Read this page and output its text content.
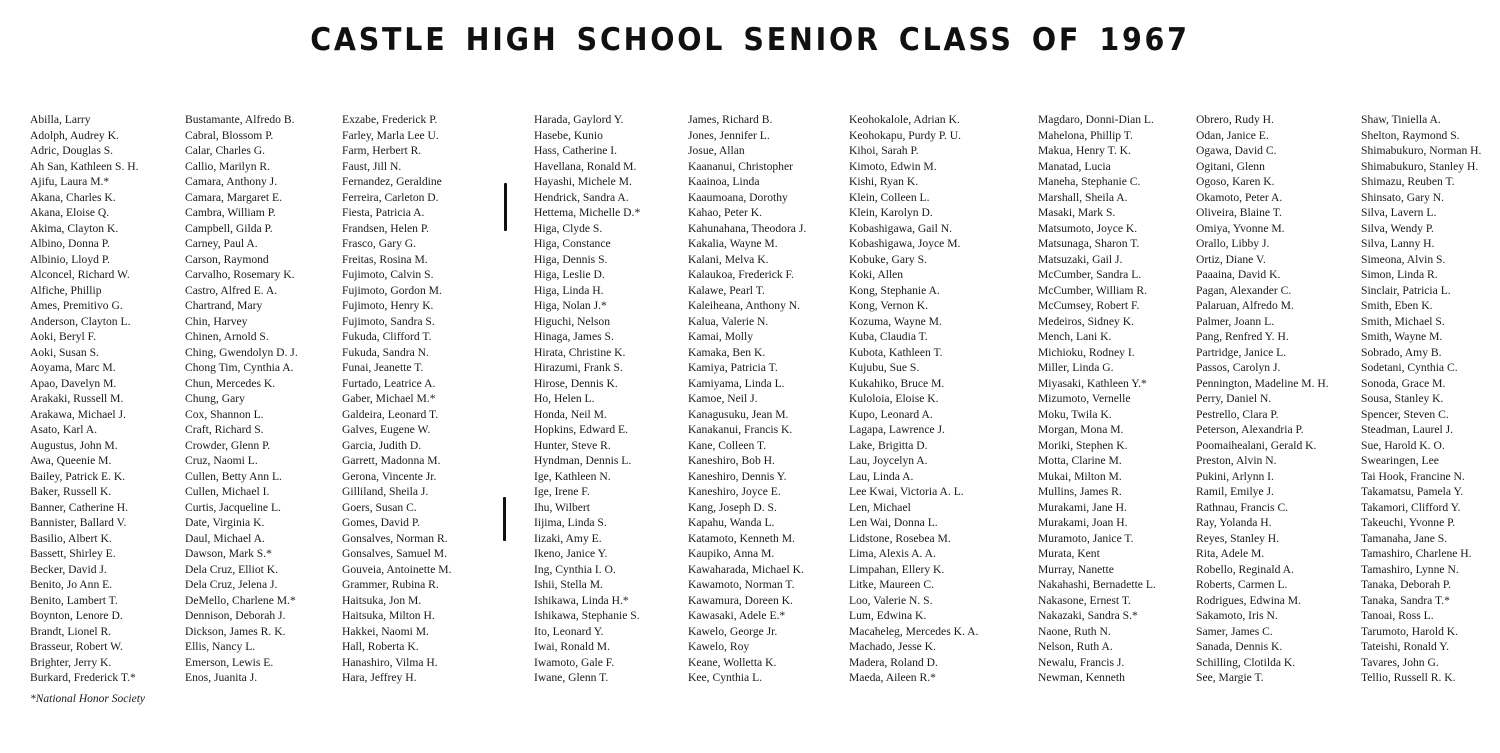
CASTLE HIGH SCHOOL SENIOR CLASS OF 1967
Abilla, Larry
Adolph, Audrey K.
Adric, Douglas S.
Ah San, Kathleen S. H.
Ajifu, Laura M.*
Akana, Charles K.
Akana, Eloise Q.
Akima, Clayton K.
Albino, Donna P.
Albinio, Lloyd P.
Alconcel, Richard W.
Alfiche, Phillip
Ames, Premitivo G.
Anderson, Clayton L.
Aoki, Beryl F.
Aoki, Susan S.
Aoyama, Marc M.
Apao, Davelyn M.
Arakaki, Russell M.
Arakawa, Michael J.
Asato, Karl A.
Augustus, John M.
Awa, Queenie M.
Bailey, Patrick E. K.
Baker, Russell K.
Banner, Catherine H.
Bannister, Ballard V.
Basilio, Albert K.
Bassett, Shirley E.
Becker, David J.
Benito, Jo Ann E.
Benito, Lambert T.
Boynton, Lenore D.
Brandt, Lionel R.
Brasseur, Robert W.
Brighter, Jerry K.
Burkard, Frederick T.*
Bustamante, Alfredo B.
Cabral, Blossom P.
Calar, Charles G.
Callio, Marilyn R.
Camara, Anthony J.
Camara, Margaret E.
Cambra, William P.
Campbell, Gilda P.
Carney, Paul A.
Carson, Raymond
Carvalho, Rosemary K.
Castro, Alfred E. A.
Chartrand, Mary
Chin, Harvey
Chinen, Arnold S.
Ching, Gwendolyn D. J.
Chong Tim, Cynthia A.
Chun, Mercedes K.
Chung, Gary
Cox, Shannon L.
Craft, Richard S.
Crowder, Glenn P.
Cruz, Naomi L.
Cullen, Betty Ann L.
Cullen, Michael I.
Curtis, Jacqueline L.
Date, Virginia K.
Daul, Michael A.
Dawson, Mark S.*
Dela Cruz, Elliot K.
Dela Cruz, Jelena J.
DeMello, Charlene M.*
Dennison, Deborah J.
Dickson, James R. K.
Ellis, Nancy L.
Emerson, Lewis E.
Enos, Juanita J.
Exzabe, Frederick P.
Farley, Marla Lee U.
Farm, Herbert R.
Faust, Jill N.
Fernandez, Geraldine
Ferreira, Carleton D.
Fiesta, Patricia A.
Frandsen, Helen P.
Frasco, Gary G.
Freitas, Rosina M.
Fujimoto, Calvin S.
Fujimoto, Gordon M.
Fujimoto, Henry K.
Fujimoto, Sandra S.
Fukuda, Clifford T.
Fukuda, Sandra N.
Funai, Jeanette T.
Furtado, Leatrice A.
Gaber, Michael M.*
Galdeira, Leonard T.
Galves, Eugene W.
Garcia, Judith D.
Garrett, Madonna M.
Gerona, Vincente Jr.
Gilliland, Sheila J.
Goers, Susan C.
Gomes, David P.
Gonsalves, Norman R.
Gonsalves, Samuel M.
Gouveia, Antoinette M.
Grammer, Rubina R.
Haitsuka, Jon M.
Haitsuka, Milton H.
Hakkei, Naomi M.
Hall, Roberta K.
Hanashiro, Vilma H.
Hara, Jeffrey H.
Harada, Gaylord Y.
Hasebe, Kunio
Hass, Catherine I.
Havellana, Ronald M.
Hayashi, Michele M.
Hendrick, Sandra A.
Hettema, Michelle D.*
Higa, Clyde S.
Higa, Constance
Higa, Dennis S.
Higa, Leslie D.
Higa, Linda H.
Higa, Nolan J.*
Higuchi, Nelson
Hinaga, James S.
Hirata, Christine K.
Hirazumi, Frank S.
Hirose, Dennis K.
Ho, Helen L.
Honda, Neil M.
Hopkins, Edward E.
Hunter, Steve R.
Hyndman, Dennis L.
Ige, Kathleen N.
Ige, Irene F.
Ihu, Wilbert
Iijima, Linda S.
Iizaki, Amy E.
Ikeno, Janice Y.
Ing, Cynthia I. O.
Ishii, Stella M.
Ishikawa, Linda H.*
Ishikawa, Stephanie S.
Ito, Leonard Y.
Iwai, Ronald M.
Iwamoto, Gale F.
Iwane, Glenn T.
James, Richard B.
Jones, Jennifer L.
Josue, Allan
Kaananui, Christopher
Kaainoa, Linda
Kaaumoana, Dorothy
Kahao, Peter K.
Kahunahana, Theodora J.
Kakalia, Wayne M.
Kalani, Melva K.
Kalaukoa, Frederick F.
Kalawe, Pearl T.
Kaleiheana, Anthony N.
Kalua, Valerie N.
Kamai, Molly
Kamaka, Ben K.
Kamiya, Patricia T.
Kamiyama, Linda L.
Kamoe, Neil J.
Kanagusuku, Jean M.
Kanakanui, Francis K.
Kane, Colleen T.
Kaneshiro, Bob H.
Kaneshiro, Dennis Y.
Kaneshiro, Joyce E.
Kang, Joseph D. S.
Kapahu, Wanda L.
Katamoto, Kenneth M.
Kaupiko, Anna M.
Kawaharada, Michael K.
Kawamoto, Norman T.
Kawamura, Doreen K.
Kawasaki, Adele E.*
Kawelo, George Jr.
Kawelo, Roy
Keane, Wolletta K.
Kee, Cynthia L.
Keohokalole, Adrian K.
Keohokapu, Purdy P. U.
Kihoi, Sarah P.
Kimoto, Edwin M.
Kishi, Ryan K.
Klein, Colleen L.
Klein, Karolyn D.
Kobashigawa, Gail N.
Kobashigawa, Joyce M.
Kobuke, Gary S.
Koki, Allen
Kong, Stephanie A.
Kong, Vernon K.
Kozuma, Wayne M.
Kuba, Claudia T.
Kubota, Kathleen T.
Kujubu, Sue S.
Kukahiko, Bruce M.
Kuloloia, Eloise K.
Kupo, Leonard A.
Lagapa, Lawrence J.
Lake, Brigitta D.
Lau, Joycelyn A.
Lau, Linda A.
Lee Kwai, Victoria A. L.
Len, Michael
Len Wai, Donna L.
Lidstone, Rosebea M.
Lima, Alexis A. A.
Limpahan, Ellery K.
Litke, Maureen C.
Loo, Valerie N. S.
Lum, Edwina K.
Macaheleg, Mercedes K. A.
Machado, Jesse K.
Madera, Roland D.
Maeda, Aileen R.*
Magdaro, Donni-Dian L.
Mahelona, Phillip T.
Makua, Henry T. K.
Manatad, Lucia
Maneha, Stephanie C.
Marshall, Sheila A.
Masaki, Mark S.
Matsumoto, Joyce K.
Matsunaga, Sharon T.
Matsuzaki, Gail J.
McCumber, Sandra L.
McCumber, William R.
McCumsey, Robert F.
Medeiros, Sidney K.
Mench, Lani K.
Michioku, Rodney I.
Miller, Linda G.
Miyasaki, Kathleen Y.*
Mizumoto, Vernelle
Moku, Twila K.
Morgan, Mona M.
Moriki, Stephen K.
Motta, Clarine M.
Mukai, Milton M.
Mullins, James R.
Murakami, Jane H.
Murakami, Joan H.
Muramoto, Janice T.
Murata, Kent
Murray, Nanette
Nakahashi, Bernadette L.
Nakasone, Ernest T.
Nakazaki, Sandra S.*
Naone, Ruth N.
Nelson, Ruth A.
Newalu, Francis J.
Newman, Kenneth
Obrero, Rudy H.
Odan, Janice E.
Ogawa, David C.
Ogitani, Glenn
Ogoso, Karen K.
Okamoto, Peter A.
Oliveira, Blaine T.
Omiya, Yvonne M.
Orallo, Libby J.
Ortiz, Diane V.
Paaaina, David K.
Pagan, Alexander C.
Palaruan, Alfredo M.
Palmer, Joann L.
Pang, Renfred Y. H.
Partridge, Janice L.
Passos, Carolyn J.
Pennington, Madeline M. H.
Perry, Daniel N.
Pestrello, Clara P.
Peterson, Alexandria P.
Poomaihealani, Gerald K.
Preston, Alvin N.
Pukini, Arlynn I.
Ramil, Emilye J.
Rathnau, Francis C.
Ray, Yolanda H.
Reyes, Stanley H.
Rita, Adele M.
Robello, Reginald A.
Roberts, Carmen L.
Rodrigues, Edwina M.
Sakamoto, Iris N.
Samer, James C.
Sanada, Dennis K.
Schilling, Clotilda K.
See, Margie T.
Shaw, Tiniella A.
Shelton, Raymond S.
Shimabukuro, Norman H.
Shimabukuro, Stanley H.
Shimazu, Reuben T.
Shinsato, Gary N.
Silva, Lavern L.
Silva, Wendy P.
Silva, Lanny H.
Simeona, Alvin S.
Simon, Linda R.
Sinclair, Patricia L.
Smith, Eben K.
Smith, Michael S.
Smith, Wayne M.
Sobrado, Amy B.
Sodetani, Cynthia C.
Sonoda, Grace M.
Sousa, Stanley K.
Spencer, Steven C.
Steadman, Laurel J.
Sue, Harold K. O.
Swearingen, Lee
Tai Hook, Francine N.
Takamatsu, Pamela Y.
Takamori, Clifford Y.
Takeuchi, Yvonne P.
Tamanaha, Jane S.
Tamashiro, Charlene H.
Tamashiro, Lynne N.
Tanaka, Deborah P.
Tanaka, Sandra T.*
Tanoai, Ross L.
Tarumoto, Harold K.
Tateishi, Ronald Y.
Tavares, John G.
Tellio, Russell R. K.
*National Honor Society
